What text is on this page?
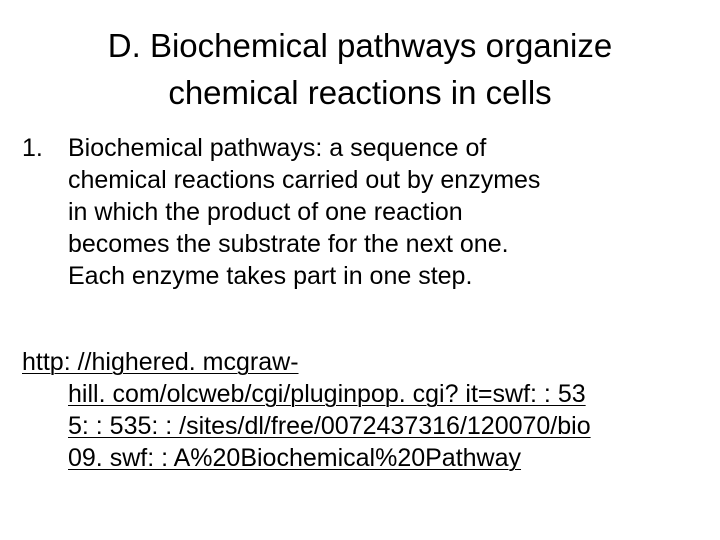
D. Biochemical pathways organize
chemical reactions in cells
1. Biochemical pathways: a sequence of
chemical reactions carried out by enzymes
in which the product of one reaction
becomes the substrate for the next one.
Each enzyme takes part in one step.
http: //highered. mcgraw-
hill. com/olcweb/cgi/pluginpop. cgi? it=swf: : 53
5: : 535: : /sites/dl/free/0072437316/120070/bio
09. swf: : A%20Biochemical%20Pathway
